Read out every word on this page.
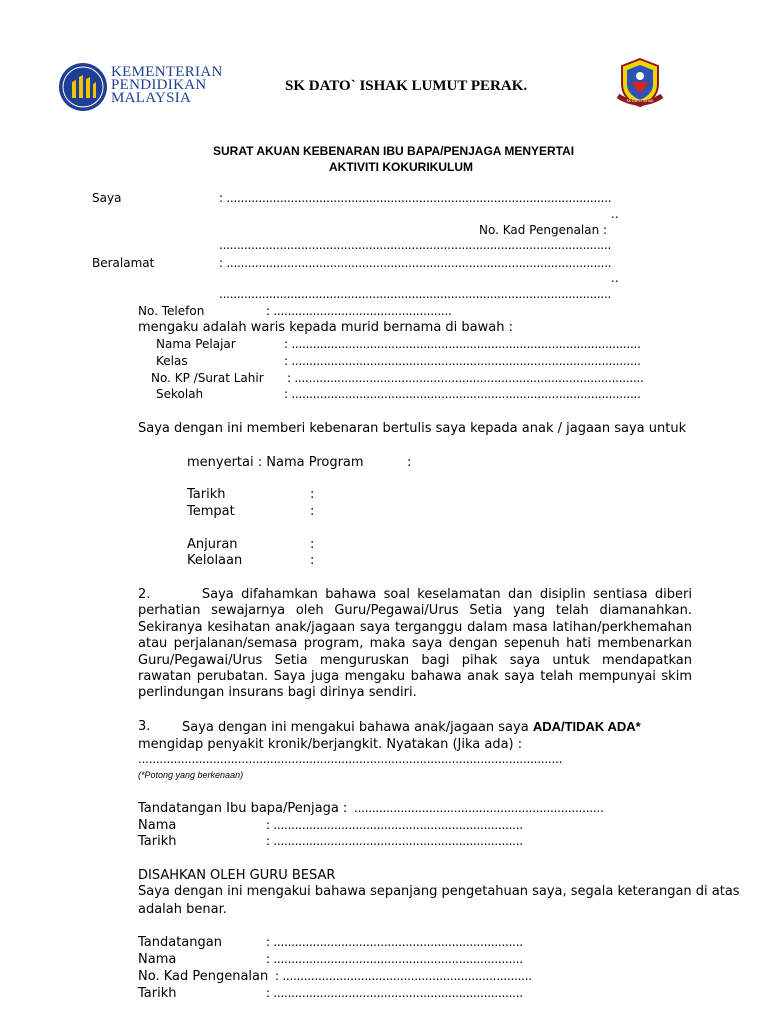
KEMENTERIAN
PENDIDIKAN
MALAYSIA
SK DATO` ISHAK LUMUT PERAK.
SK DATO ISHAK
SURAT AKUAN KEBENARAN IBU BAPA/PENJAGA MENYERTAI
AKTIVITI KOKURIKULUM
Saya	: ............................................................................................................
..
No. Kad Pengenalan :
..............................................................................................................
Beralamat	: ............................................................................................................
..
..............................................................................................................
No. Telefon	: ..................................................
mengaku adalah waris kepada murid bernama di bawah :
Nama Pelajar	: ..................................................................................................
Kelas	: ..................................................................................................
No. KP /Surat Lahir : ..................................................................................................
Sekolah	: ..................................................................................................
Saya dengan ini memberi kebenaran bertulis saya kepada anak / jagaan saya untuk
menyertai : Nama Program	:
Tarikh	:
Tempat	:
Anjuran	:
Kelolaan	:
2.       Saya difahamkan bahawa soal keselamatan dan disiplin sentiasa diberi perhatian sewajarnya oleh Guru/Pegawai/Urus Setia yang telah diamanahkan. Sekiranya kesihatan anak/jagaan saya terganggu dalam masa latihan/perkhemahan atau perjalanan/semasa program, maka saya dengan sepenuh hati membenarkan Guru/Pegawai/Urus Setia menguruskan bagi pihak saya untuk mendapatkan rawatan perubatan. Saya juga mengaku bahawa anak saya telah mempunyai skim perlindungan insurans bagi dirinya sendiri.
3. Saya dengan ini mengakui bahawa anak/jagaan saya ADA/TIDAK ADA*
mengidap penyakit kronik/berjangkit. Nyatakan (Jika ada) :
.......................................................................................................................
(*Potong yang berkenaan)
Tandatangan Ibu bapa/Penjaga : ......................................................................
Nama	: ......................................................................
Tarikh	: ......................................................................
DISAHKAN OLEH GURU BESAR
Saya dengan ini mengakui bahawa sepanjang pengetahuan saya, segala keterangan di atas
adalah benar.
Tandatangan	: ......................................................................
Nama	: ......................................................................
No. Kad Pengenalan : ......................................................................
Tarikh	: ......................................................................
